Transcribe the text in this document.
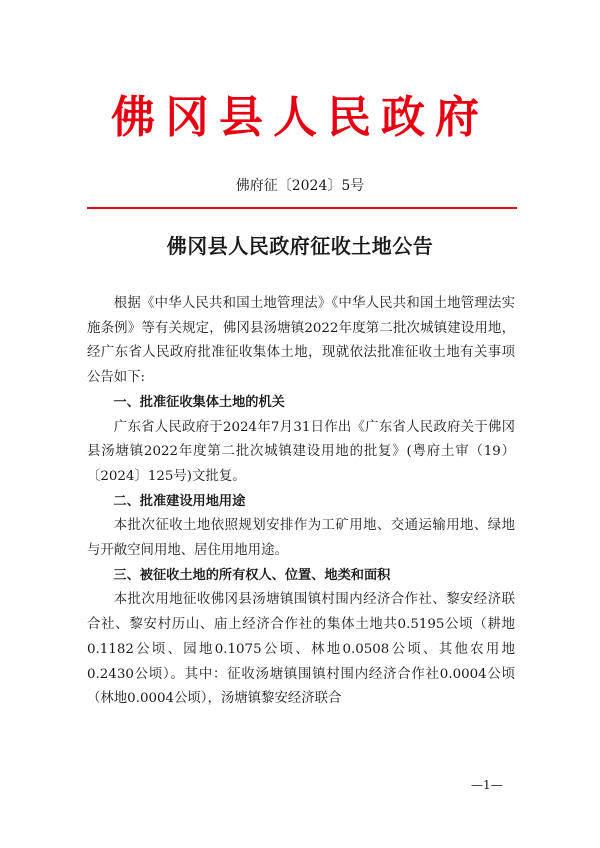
佛冈县人民政府
佛府征〔2024〕5号
佛冈县人民政府征收土地公告

根据《中华人民共和国土地管理法》《中华人民共和国土地管理法实施条例》等有关规定，佛冈县汤塘镇2022年度第二批次城镇建设用地，经广东省人民政府批准征收集体土地，现就依法批准征收土地有关事项公告如下:

一、批准征收集体土地的机关

广东省人民政府于2024年7月31日作出《广东省人民政府关于佛冈县汤塘镇2022年度第二批次城镇建设用地的批复》(粤府土审（19）〔2024〕125号)文批复。

二、批准建设用地用途

本批次征收土地依照规划安排作为工矿用地、交通运输用地、绿地与开敞空间用地、居住用地用途。

三、被征收土地的所有权人、位置、地类和面积

本批次用地征收佛冈县汤塘镇围镇村围内经济合作社、黎安经济联合社、黎安村历山、庙上经济合作社的集体土地共0.5195公顷（耕地0.1182公顷、园地0.1075公顷、林地0.0508公顷、其他农用地0.2430公顷）。其中：征收汤塘镇围镇村围内经济合作社0.0004公顷（林地0.0004公顷），汤塘镇黎安经济联合

—1—
